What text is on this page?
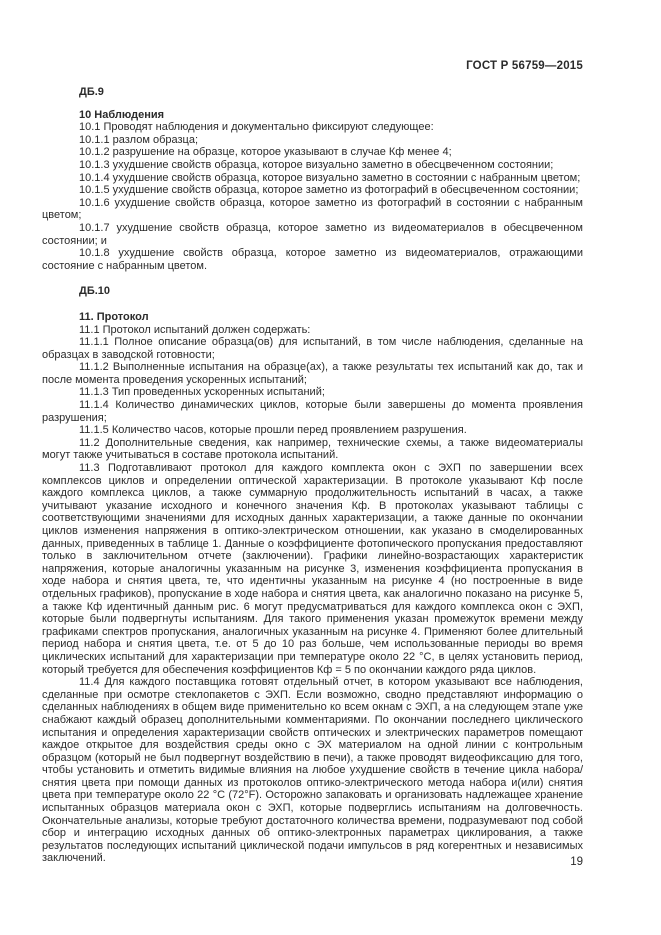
ГОСТ Р 56759—2015

ДБ.9

10 Наблюдения

10.1 Проводят наблюдения и документально фиксируют следующее:

10.1.1 разлом образца;

10.1.2 разрушение на образце, которое указывают в случае Кф менее 4;

10.1.3 ухудшение свойств образца, которое визуально заметно в обесцвеченном состоянии;

10.1.4 ухудшение свойств образца, которое визуально заметно в состоянии с набранным цветом;

10.1.5 ухудшение свойств образца, которое заметно из фотографий в обесцвеченном состоянии;

10.1.6 ухудшение свойств образца, которое заметно из фотографий в состоянии с набранным цветом;

10.1.7 ухудшение свойств образца, которое заметно из видеоматериалов в обесцвеченном состоянии; и

10.1.8 ухудшение свойств образца, которое заметно из видеоматериалов, отражающими состояние с набранным цветом.

ДБ.10

11. Протокол

11.1 Протокол испытаний должен содержать:

11.1.1 Полное описание образца(ов) для испытаний, в том числе наблюдения, сделанные на образцах в заводской готовности;

11.1.2 Выполненные испытания на образце(ах), а также результаты тех испытаний как до, так и после момента проведения ускоренных испытаний;

11.1.3 Тип проведенных ускоренных испытаний;

11.1.4 Количество динамических циклов, которые были завершены до момента проявления разрушения;

11.1.5 Количество часов, которые прошли перед проявлением разрушения.

11.2 Дополнительные сведения, как например, технические схемы, а также видеоматериалы могут также учитываться в составе протокола испытаний.

11.3 Подготавливают протокол для каждого комплекта окон с ЭХП по завершении всех комплексов циклов и определении оптической характеризации. В протоколе указывают Кф после каждого комплекса циклов, а также суммарную продолжительность испытаний в часах, а также учитывают указание исходного и конечного значения Кф. В протоколах указывают таблицы с соответствующими значениями для исходных данных характеризации, а также данные по окончании циклов изменения напряжения в оптико-электрическом отношении, как указано в смоделированных данных, приведенных в таблице 1. Данные о коэффициенте фотопического пропускания предоставляют только в заключительном отчете (заключении). Графики линейно-возрастающих характеристик напряжения, которые аналогичны указанным на рисунке 3, изменения коэффициента пропускания в ходе набора и снятия цвета, те, что идентичны указанным на рисунке 4 (но построенные в виде отдельных графиков), пропускание в ходе набора и снятия цвета, как аналогично показано на рисунке 5, а также Кф идентичный данным рис. 6 могут предусматриваться для каждого комплекса окон с ЭХП, которые были подвергнуты испытаниям. Для такого применения указан промежуток времени между графиками спектров пропускания, аналогичных указанным на рисунке 4. Применяют более длительный период набора и снятия цвета, т.е. от 5 до 10 раз больше, чем использованные периоды во время циклических испытаний для характеризации при температуре около 22 °С, в целях установить период, который требуется для обеспечения коэффициентов Кф = 5 по окончании каждого ряда циклов.

11.4 Для каждого поставщика готовят отдельный отчет, в котором указывают все наблюдения, сделанные при осмотре стеклопакетов с ЭХП. Если возможно, сводно представляют информацию о сделанных наблюдениях в общем виде применительно ко всем окнам с ЭХП, а на следующем этапе уже снабжают каждый образец дополнительными комментариями. По окончании последнего циклического испытания и определения характеризации свойств оптических и электрических параметров помещают каждое открытое для воздействия среды окно с ЭХ материалом на одной линии с контрольным образцом (который не был подвергнут воздействию в печи), а также проводят видеофиксацию для того, чтобы установить и отметить видимые влияния на любое ухудшение свойств в течение цикла набора/снятия цвета при помощи данных из протоколов оптико-электрического метода набора и(или) снятия цвета при температуре около 22 °С (72°F). Осторожно запаковать и организовать надлежащее хранение испытанных образцов материала окон с ЭХП, которые подверглись испытаниям на долговечность. Окончательные анализы, которые требуют достаточного количества времени, подразумевают под собой сбор и интеграцию исходных данных об оптико-электронных параметрах циклирования, а также результатов последующих испытаний циклической подачи импульсов в ряд когерентных и независимых заключений.	19
